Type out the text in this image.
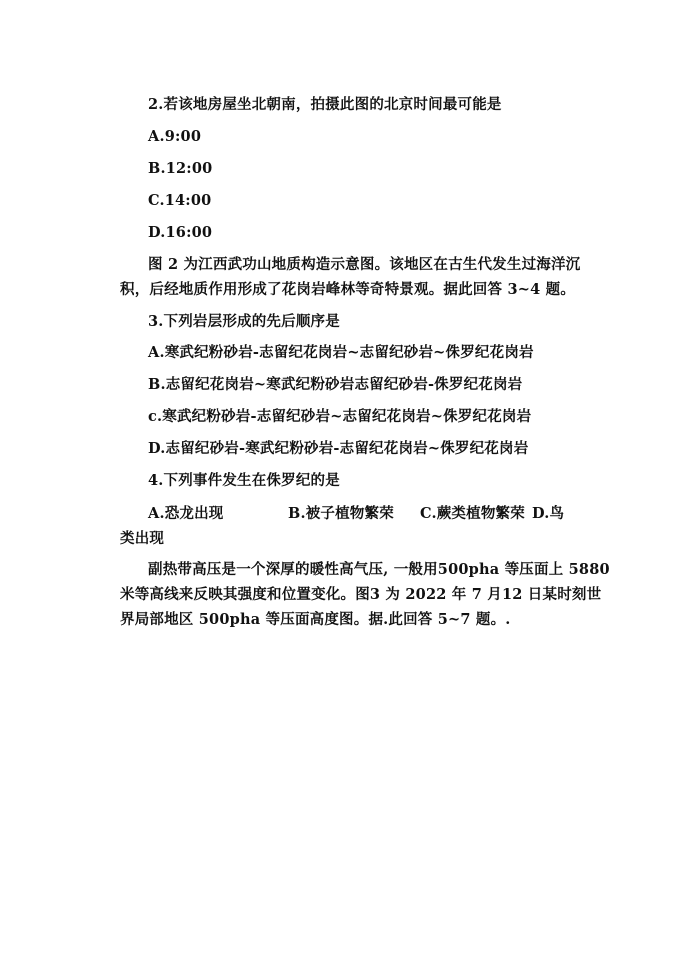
2.若该地房屋坐北朝南，拍摄此图的北京时间最可能是
A.9:00
B.12:00
C.14:00
D.16:00
图 2 为江西武功山地质构造示意图。该地区在古生代发生过海洋沉
积，后经地质作用形成了花岗岩峰林等奇特景观。据此回答 3~4 题。
3.下列岩层形成的先后顺序是
A.寒武纪粉砂岩-志留纪花岗岩~志留纪砂岩~侏罗纪花岗岩
B.志留纪花岗岩~寒武纪粉砂岩志留纪砂岩-侏罗纪花岗岩
c.寒武纪粉砂岩-志留纪砂岩~志留纪花岗岩~侏罗纪花岗岩
D.志留纪砂岩-寒武纪粉砂岩-志留纪花岗岩~侏罗纪花岗岩
4.下列事件发生在侏罗纪的是
A.恐龙出现	B.被子植物繁荣 C.蕨类植物繁荣 D.鸟
类出现
副热带高压是一个深厚的暖性高气压, 一般用500pha 等压面上 5880
米等高线来反映其强度和位置变化。图3 为 2022 年 7 月12 日某时刻世
界局部地区 500pha 等压面高度图。据.此回答 5~7 题。.
